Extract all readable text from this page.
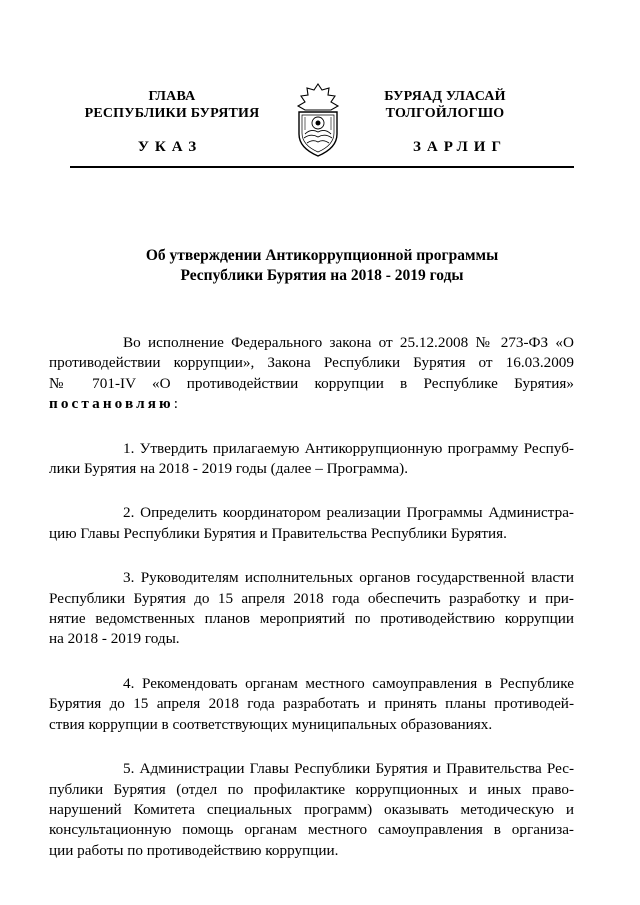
ГЛАВА
РЕСПУБЛИКИ БУРЯТИЯ
БУРЯАД УЛАСАЙ
ТОЛГОЙЛОГШО
УКАЗ	ЗАРЛИГ
Об утверждении Антикоррупционной программы
Республики Бурятия на 2018 - 2019 годы
Во исполнение Федерального закона от 25.12.2008 № 273-ФЗ «О
противодействии коррупции», Закона Республики Бурятия от 16.03.2009
№ 701-IV «О противодействии коррупции в Республике Бурятия»
постановляю:
1. Утвердить прилагаемую Антикоррупционную программу Респуб-
лики Бурятия на 2018 - 2019 годы (далее – Программа).
2. Определить координатором реализации Программы Администра-
цию Главы Республики Бурятия и Правительства Республики Бурятия.
3. Руководителям исполнительных органов государственной власти
Республики Бурятия до 15 апреля 2018 года обеспечить разработку и при-
нятие ведомственных планов мероприятий по противодействию коррупции
на 2018 - 2019 годы.
4. Рекомендовать органам местного самоуправления в Республике
Бурятия до 15 апреля 2018 года разработать и принять планы противодей-
ствия коррупции в соответствующих муниципальных образованиях.
5. Администрации Главы Республики Бурятия и Правительства Рес-
публики Бурятия (отдел по профилактике коррупционных и иных право-
нарушений Комитета специальных программ) оказывать методическую и
консультационную помощь органам местного самоуправления в организа-
ции работы по противодействию коррупции.
